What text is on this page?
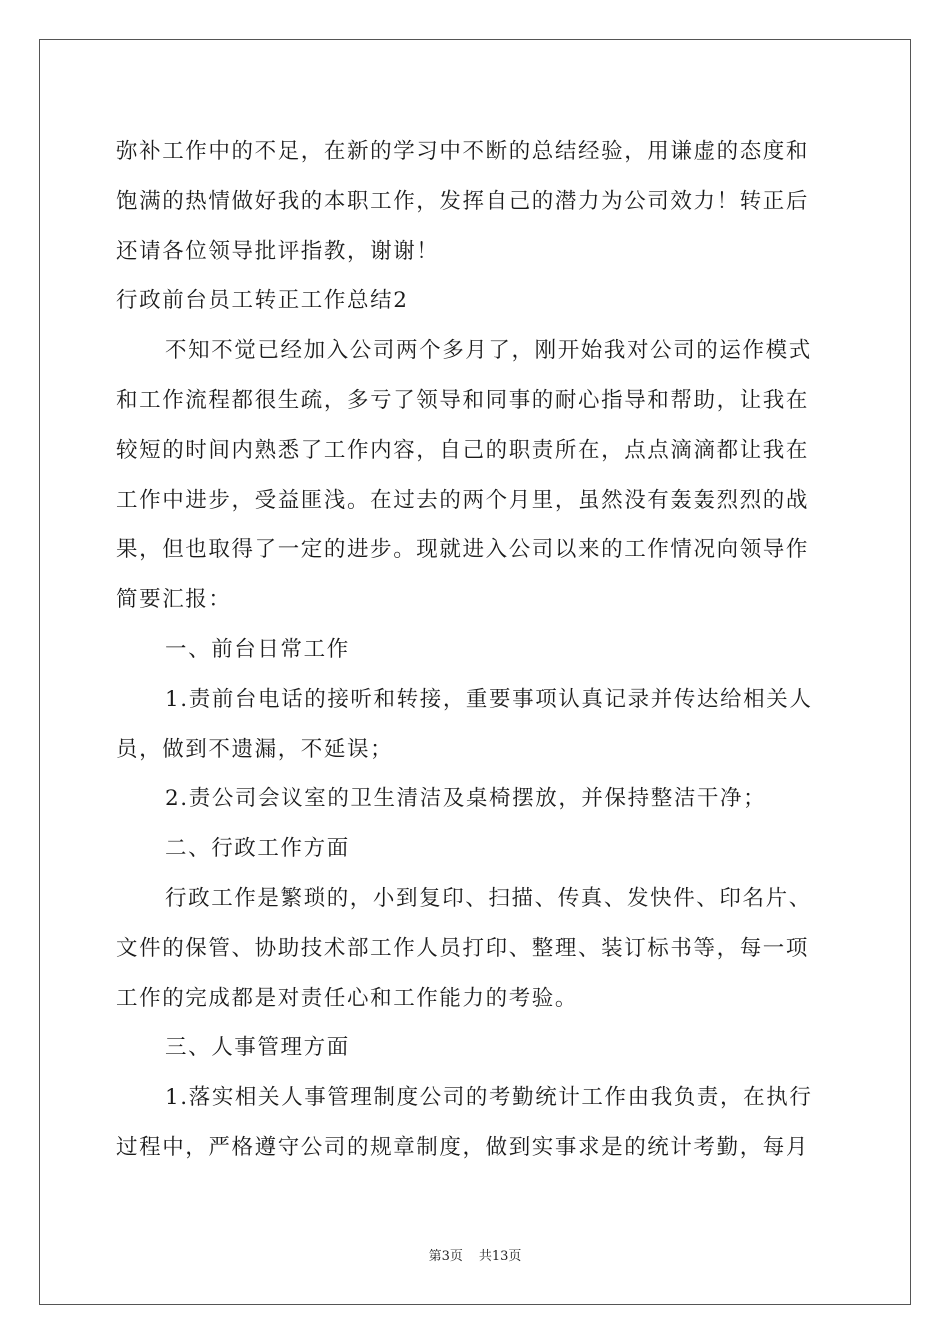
弥补工作中的不足，在新的学习中不断的总结经验，用谦虚的态度和
饱满的热情做好我的本职工作，发挥自己的潜力为公司效力！转正后
还请各位领导批评指教，谢谢！
行政前台员工转正工作总结2
不知不觉已经加入公司两个多月了，刚开始我对公司的运作模式
和工作流程都很生疏，多亏了领导和同事的耐心指导和帮助，让我在
较短的时间内熟悉了工作内容，自己的职责所在，点点滴滴都让我在
工作中进步，受益匪浅。在过去的两个月里，虽然没有轰轰烈烈的战
果，但也取得了一定的进步。现就进入公司以来的工作情况向领导作
简要汇报：
一、前台日常工作
1.责前台电话的接听和转接，重要事项认真记录并传达给相关人
员，做到不遗漏，不延误；
2.责公司会议室的卫生清洁及桌椅摆放，并保持整洁干净；
二、行政工作方面
行政工作是繁琐的，小到复印、扫描、传真、发快件、印名片、
文件的保管、协助技术部工作人员打印、整理、装订标书等，每一项
工作的完成都是对责任心和工作能力的考验。
三、人事管理方面
1.落实相关人事管理制度公司的考勤统计工作由我负责，在执行
过程中，严格遵守公司的规章制度，做到实事求是的统计考勤，每月
第3页 共13页
